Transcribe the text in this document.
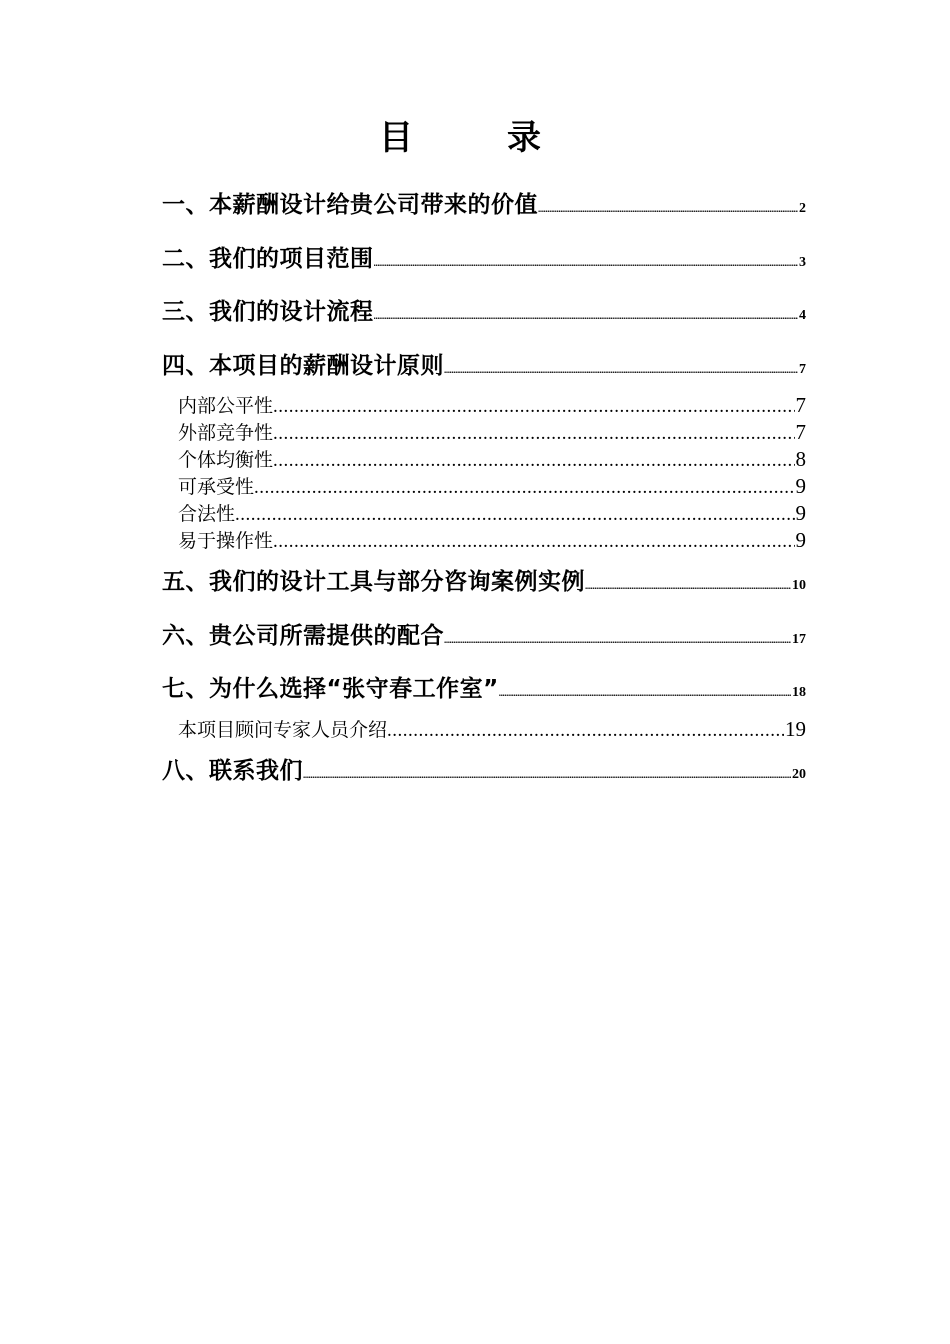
目　录
一、本薪酬设计给贵公司带来的价值 .....	2
二、我们的项目范围 .....	3
三、我们的设计流程 .....	4
四、本项目的薪酬设计原则 .....	7
内部公平性 .....	7
外部竞争性 .....	7
个体均衡性 .....	8
可承受性 .....	9
合法性 .....	9
易于操作性 .....	9
五、我们的设计工具与部分咨询案例实例 .....	10
六、贵公司所需提供的配合 .....	17
七、为什么选择“张守春工作室” .....	18
本项目顾问专家人员介绍 .....	19
八、联系我们 .....	20
